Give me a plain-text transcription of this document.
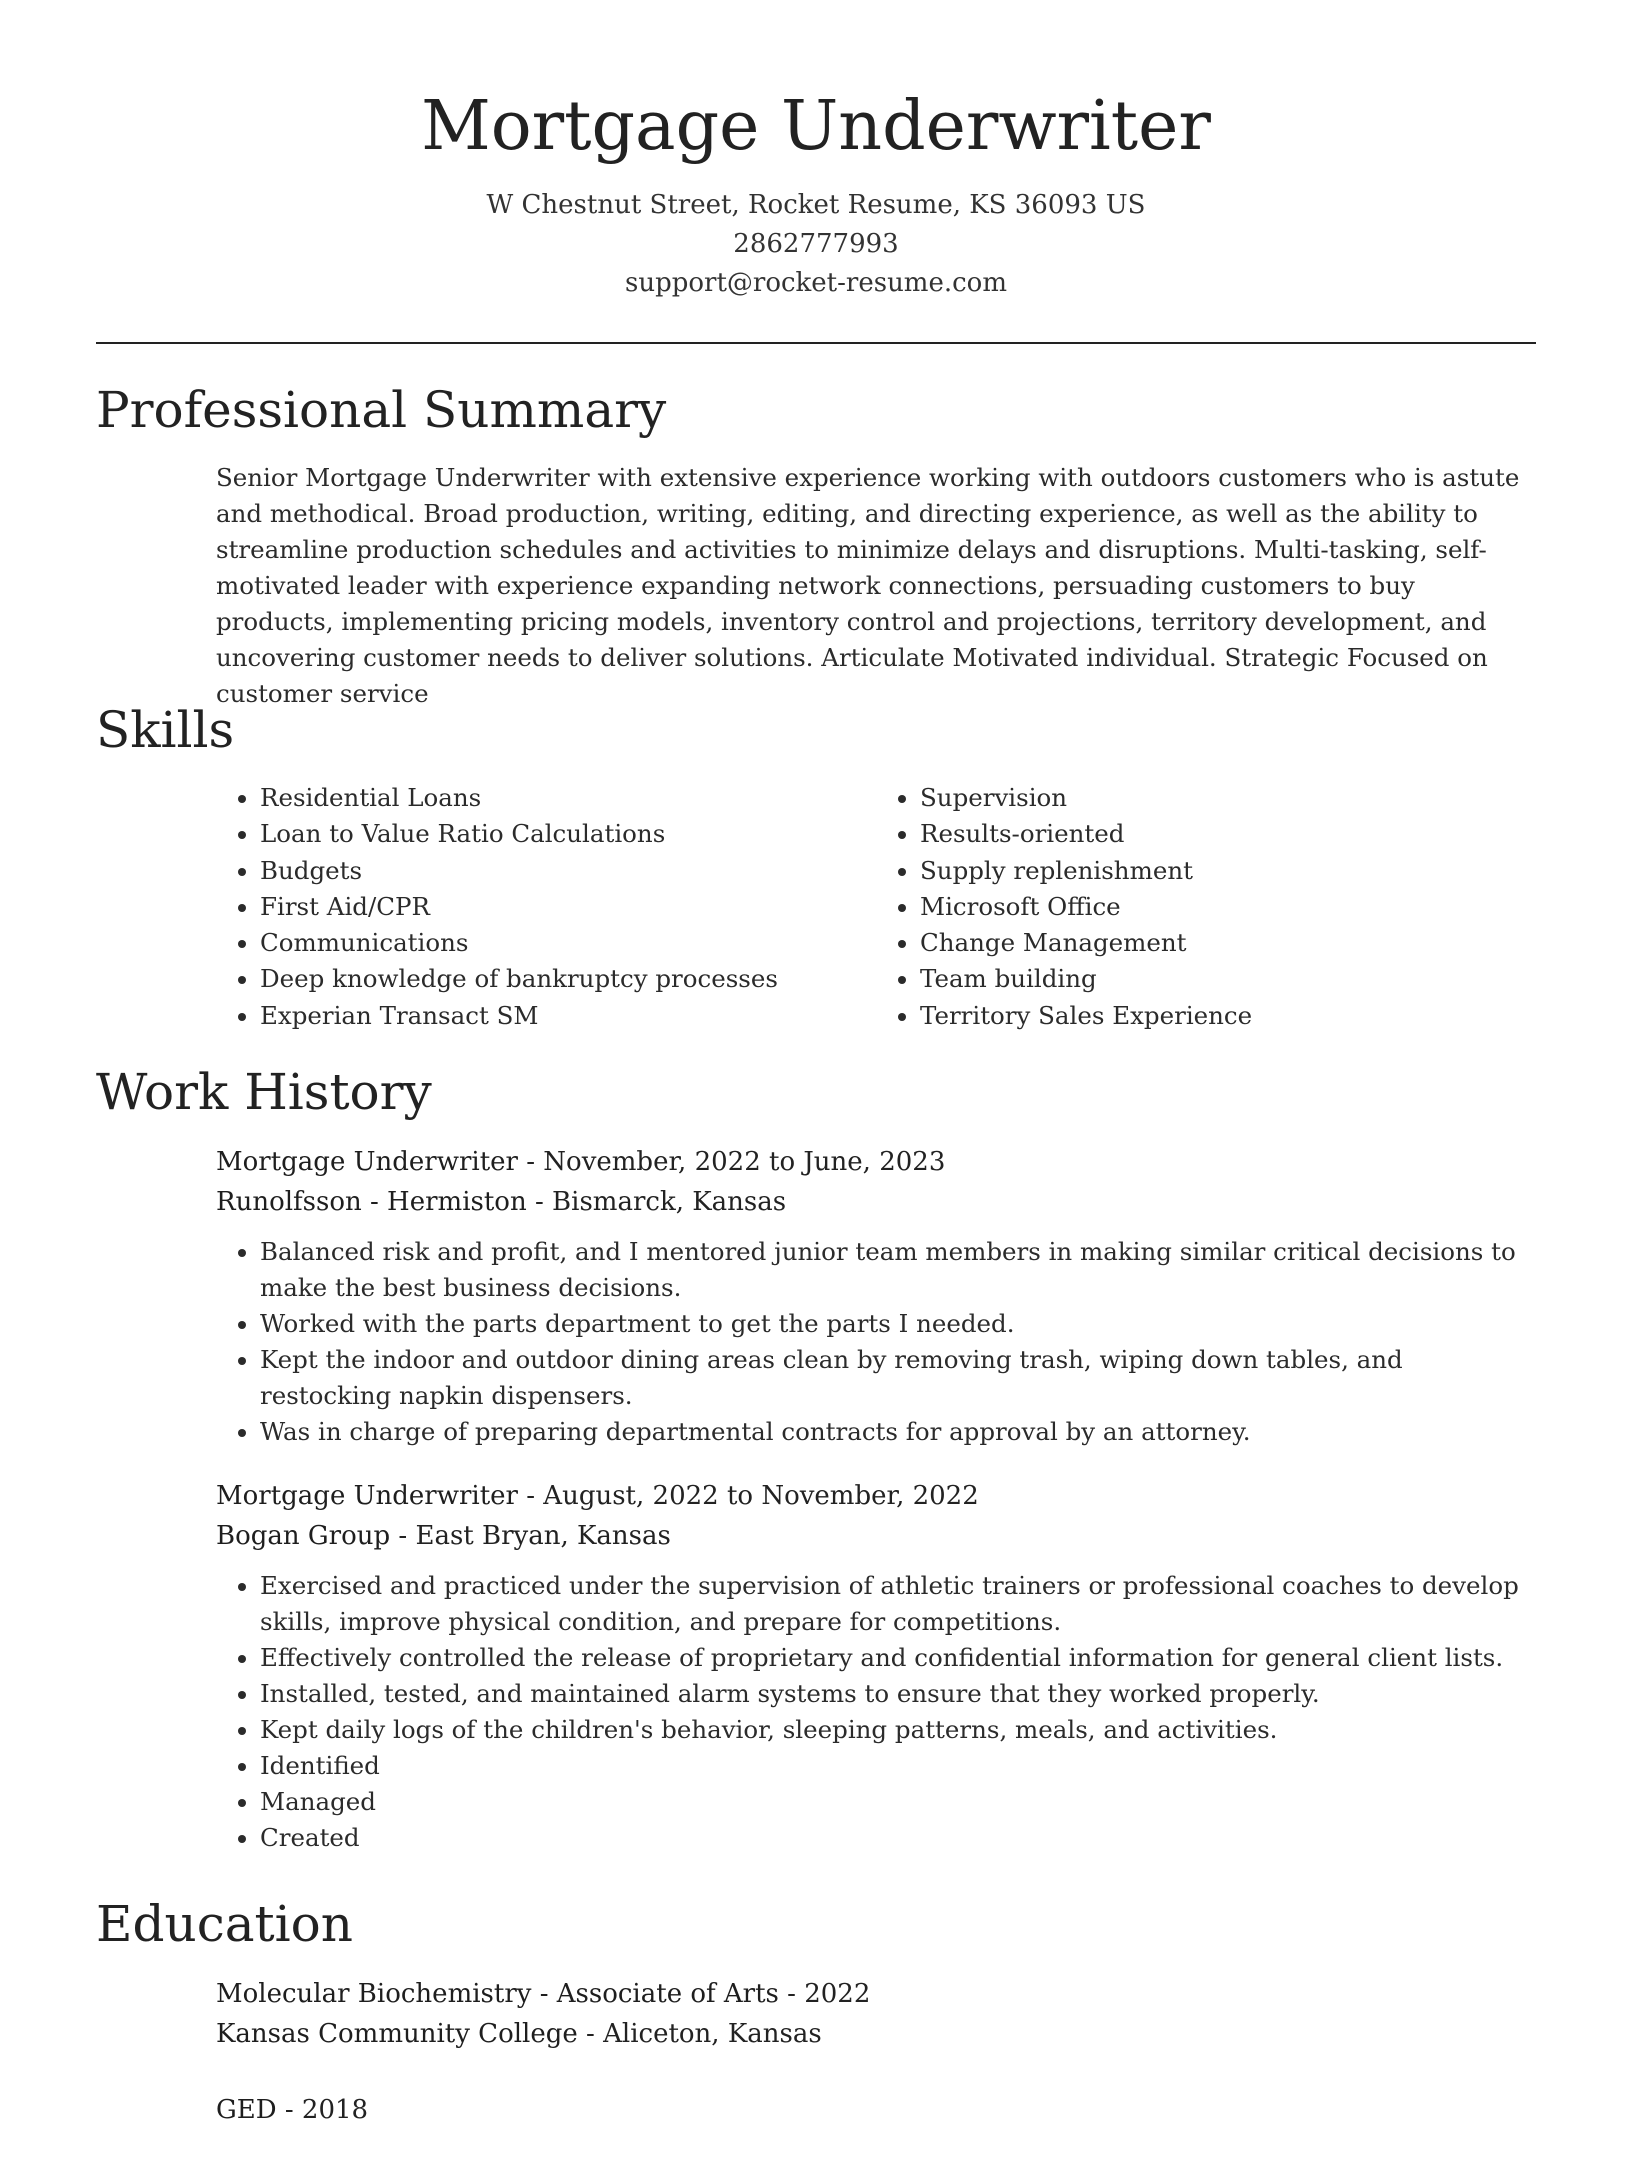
Mortgage Underwriter
W Chestnut Street, Rocket Resume, KS 36093 US
2862777993
support@rocket-resume.com
Professional Summary

Senior Mortgage Underwriter with extensive experience working with outdoors customers who is astute and methodical. Broad production, writing, editing, and directing experience, as well as the ability to streamline production schedules and activities to minimize delays and disruptions. Multi-tasking, self-motivated leader with experience expanding network connections, persuading customers to buy products, implementing pricing models, inventory control and projections, territory development, and uncovering customer needs to deliver solutions. Articulate Motivated individual. Strategic Focused on customer service

Skills
• Residential Loans
• Loan to Value Ratio Calculations
• Budgets
• First Aid/CPR
• Communications
• Deep knowledge of bankruptcy processes
• Experian Transact SM
• Supervision
• Results-oriented
• Supply replenishment
• Microsoft Office
• Change Management
• Team building
• Territory Sales Experience
Work History
Mortgage Underwriter - November, 2022 to June, 2023
Runolfsson - Hermiston - Bismarck, Kansas
• Balanced risk and profit, and I mentored junior team members in making similar critical decisions to make the best business decisions.
• Worked with the parts department to get the parts I needed.
• Kept the indoor and outdoor dining areas clean by removing trash, wiping down tables, and restocking napkin dispensers.
• Was in charge of preparing departmental contracts for approval by an attorney.
Mortgage Underwriter - August, 2022 to November, 2022
Bogan Group - East Bryan, Kansas
• Exercised and practiced under the supervision of athletic trainers or professional coaches to develop skills, improve physical condition, and prepare for competitions.
• Effectively controlled the release of proprietary and confidential information for general client lists.
• Installed, tested, and maintained alarm systems to ensure that they worked properly.
• Kept daily logs of the children's behavior, sleeping patterns, meals, and activities.
• Identified
• Managed
• Created
Education
Molecular Biochemistry - Associate of Arts - 2022
Kansas Community College - Aliceton, Kansas
GED - 2018
